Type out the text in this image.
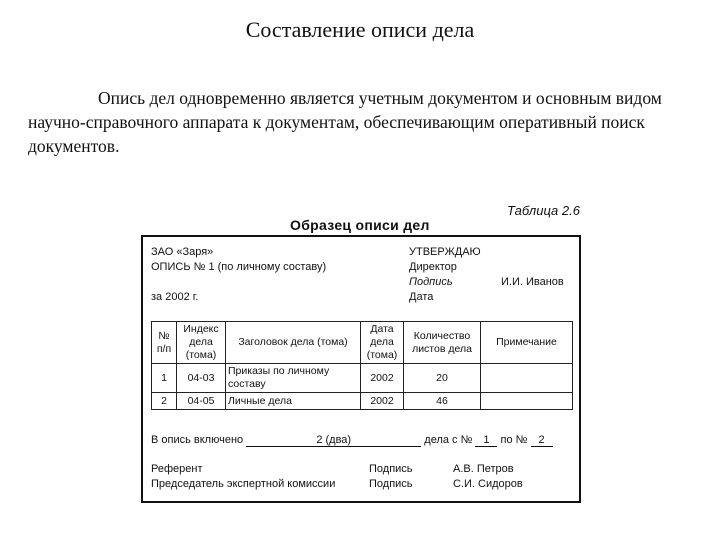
Составление описи дела
Опись дел одновременно является учетным документом и основным видом научно-справочного аппарата к документам, обеспечивающим оперативный поиск документов.
Таблица 2.6
Образец описи дел
ЗАО «Заря»
ОПИСЬ № 1 (по личному составу)
за 2002 г.
УТВЕРЖДАЮ
Директор
Подпись	И.И. Иванов
Дата
№ п/п	Индекс дела (тома)	Заголовок дела (тома)	Дата дела (тома)	Количество листов дела	Примечание
1	04-03	Приказы по личному составу	2002	20	
2	04-05	Личные дела	2002	46	
В опись включено	2 (два)	дела с № 1 по № 2
Референт	Подпись	А.В. Петров
Председатель экспертной комиссии	Подпись	С.И. Сидоров
